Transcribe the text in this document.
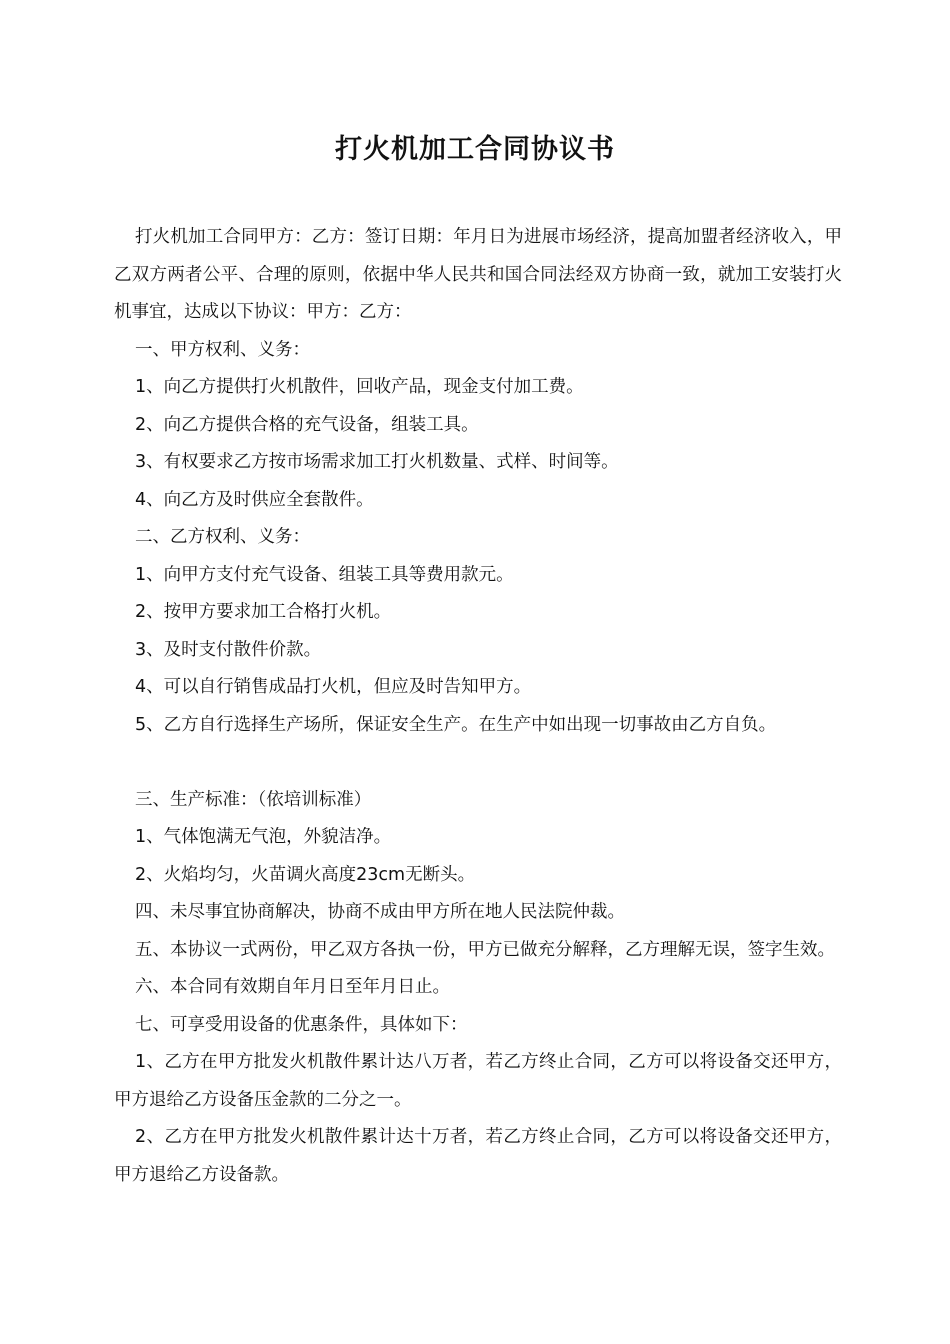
打火机加工合同协议书

打火机加工合同甲方：乙方：签订日期：年月日为进展市场经济，提高加盟者经济收入，甲乙双方两者公平、合理的原则，依据中华人民共和国合同法经双方协商一致，就加工安装打火机事宜，达成以下协议：甲方：乙方：

一、甲方权利、义务：

1、向乙方提供打火机散件，回收产品，现金支付加工费。

2、向乙方提供合格的充气设备，组装工具。

3、有权要求乙方按市场需求加工打火机数量、式样、时间等。

4、向乙方及时供应全套散件。

二、乙方权利、义务：

1、向甲方支付充气设备、组装工具等费用款元。

2、按甲方要求加工合格打火机。

3、及时支付散件价款。

4、可以自行销售成品打火机，但应及时告知甲方。

5、乙方自行选择生产场所，保证安全生产。在生产中如出现一切事故由乙方自负。

三、生产标准：（依培训标准）

1、气体饱满无气泡，外貌洁净。

2、火焰均匀，火苗调火高度23cm无断头。

四、未尽事宜协商解决，协商不成由甲方所在地人民法院仲裁。

五、本协议一式两份，甲乙双方各执一份，甲方已做充分解释，乙方理解无误，签字生效。

六、本合同有效期自年月日至年月日止。

七、可享受用设备的优惠条件，具体如下：

1、乙方在甲方批发火机散件累计达八万者，若乙方终止合同，乙方可以将设备交还甲方，甲方退给乙方设备压金款的二分之一。

2、乙方在甲方批发火机散件累计达十万者，若乙方终止合同，乙方可以将设备交还甲方，甲方退给乙方设备款。
